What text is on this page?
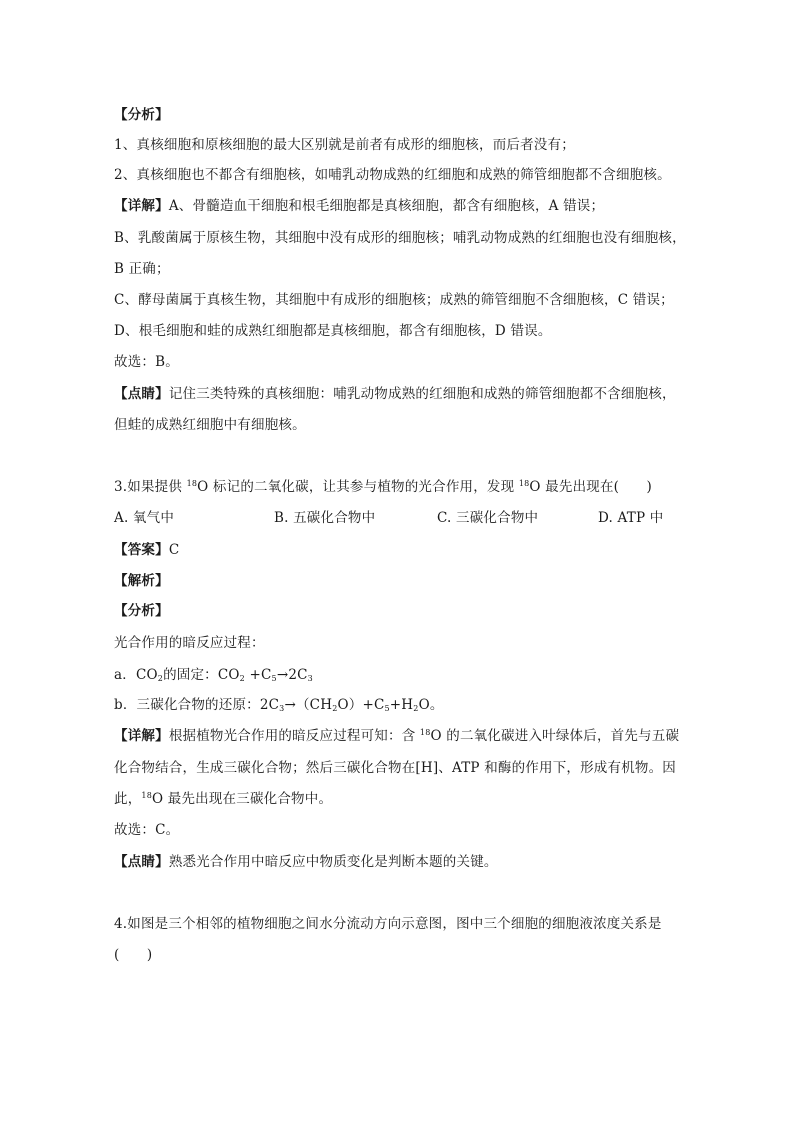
【分析】
1、真核细胞和原核细胞的最大区别就是前者有成形的细胞核，而后者没有；
2、真核细胞也不都含有细胞核，如哺乳动物成熟的红细胞和成熟的筛管细胞都不含细胞核。
【详解】A、骨髓造血干细胞和根毛细胞都是真核细胞，都含有细胞核，A 错误；
B、乳酸菌属于原核生物，其细胞中没有成形的细胞核；哺乳动物成熟的红细胞也没有细胞核，
B 正确；
C、酵母菌属于真核生物，其细胞中有成形的细胞核；成熟的筛管细胞不含细胞核，C 错误；
D、根毛细胞和蛙的成熟红细胞都是真核细胞，都含有细胞核，D 错误。
故选：B。
【点睛】记住三类特殊的真核细胞：哺乳动物成熟的红细胞和成熟的筛管细胞都不含细胞核，
但蛙的成熟红细胞中有细胞核。
3.如果提供 $^{18}$O 标记的二氧化碳，让其参与植物的光合作用，发现 $^{18}$O 最先出现在(　　)
A. 氧气中	B. 五碳化合物中	C. 三碳化合物中	D. ATP 中
【答案】C
【解析】
【分析】
光合作用的暗反应过程：
a．$CO_2$的固定：$CO_2 +C_5\to 2C_3$
b．三碳化合物的还原：$2C_3\to(CH_2O)+C_5+H_2O$。
【详解】根据植物光合作用的暗反应过程可知：含 $^{18}$O 的二氧化碳进入叶绿体后，首先与五碳
化合物结合，生成三碳化合物；然后三碳化合物在[H]、ATP 和酶的作用下，形成有机物。因
此，$^{18}$O 最先出现在三碳化合物中。
故选：C。
【点睛】熟悉光合作用中暗反应中物质变化是判断本题的关键。
4.如图是三个相邻的植物细胞之间水分流动方向示意图，图中三个细胞的细胞液浓度关系是
(　　)
